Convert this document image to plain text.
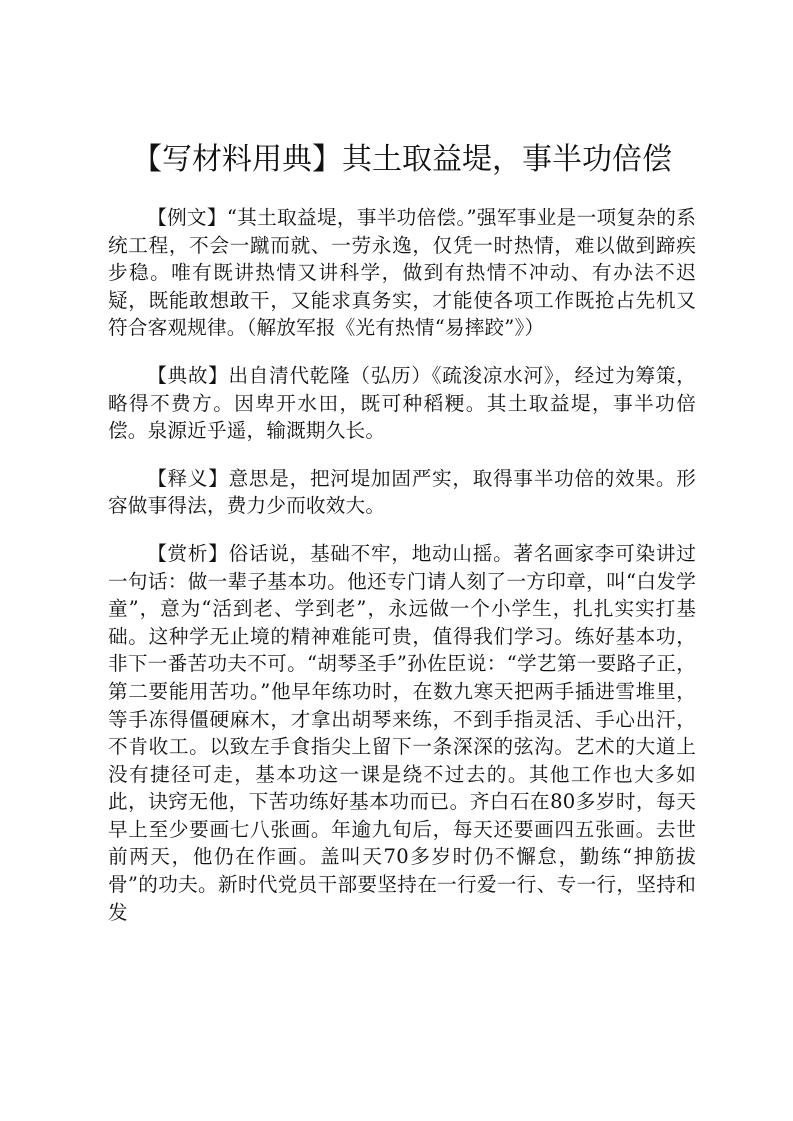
【写材料用典】其土取益堤，事半功倍偿

【例文】“其土取益堤，事半功倍偿。”强军事业是一项复杂的系统工程，不会一蹴而就、一劳永逸，仅凭一时热情，难以做到蹄疾步稳。唯有既讲热情又讲科学，做到有热情不冲动、有办法不迟疑，既能敢想敢干，又能求真务实，才能使各项工作既抢占先机又符合客观规律。（解放军报《光有热情“易摔跤”》）

【典故】出自清代乾隆（弘历）《疏浚凉水河》，经过为筹策，略得不费方。因卑开水田，既可种稻粳。其土取益堤，事半功倍偿。泉源近乎遥，输溉期久长。

【释义】意思是，把河堤加固严实，取得事半功倍的效果。形容做事得法，费力少而收效大。

【赏析】俗话说，基础不牢，地动山摇。著名画家李可染讲过一句话：做一辈子基本功。他还专门请人刻了一方印章，叫“白发学童”，意为“活到老、学到老”，永远做一个小学生，扎扎实实打基础。这种学无止境的精神难能可贵，值得我们学习。练好基本功，非下一番苦功夫不可。“胡琴圣手”孙佐臣说：“学艺第一要路子正，第二要能用苦功。”他早年练功时，在数九寒天把两手插进雪堆里，等手冻得僵硬麻木，才拿出胡琴来练，不到手指灵活、手心出汗，不肯收工。以致左手食指尖上留下一条深深的弦沟。艺术的大道上没有捷径可走，基本功这一课是绕不过去的。其他工作也大多如此，诀窍无他，下苦功练好基本功而已。齐白石在80多岁时，每天早上至少要画七八张画。年逾九旬后，每天还要画四五张画。去世前两天，他仍在作画。盖叫天70多岁时仍不懈怠，勤练“抻筋拔骨”的功夫。新时代党员干部要坚持在一行爱一行、专一行，坚持和发
